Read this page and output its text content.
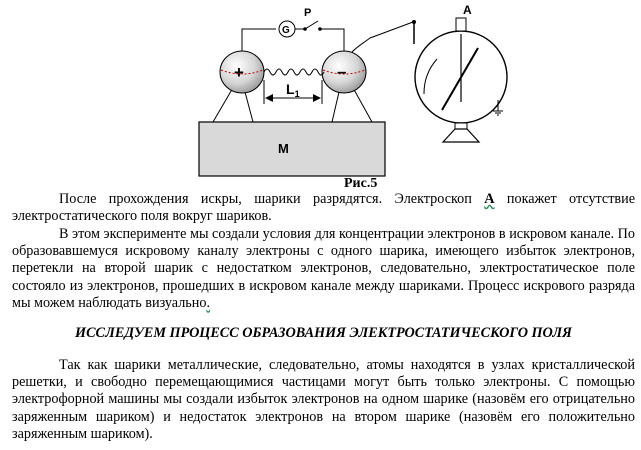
M
G
P
+	–
$L_1$
A
Рис.5

После прохождения искры, шарики разрядятся. Электроскоп А покажет отсутствие электростатического поля вокруг шариков.

В этом эксперименте мы создали условия для концентрации электронов в искровом канале. По образовавшемуся искровому каналу электроны с одного шарика, имеющего избыток электронов, перетекли на второй шарик с недостатком электронов, следовательно, электростатическое поле состояло из электронов, прошедших в искровом канале между шариками. Процесс искрового разряда мы можем наблюдать визуально.

ИССЛЕДУЕМ ПРОЦЕСС ОБРАЗОВАНИЯ ЭЛЕКТРОСТАТИЧЕСКОГО ПОЛЯ

Так как шарики металлические, следовательно, атомы находятся в узлах кристаллической решетки, и свободно перемещающимися частицами могут быть только электроны. С помощью электрофорной машины мы создали избыток электронов на одном шарике (назовём его отрицательно заряженным шариком) и недостаток электронов на втором шарике (назовём его положительно заряженным шариком).
